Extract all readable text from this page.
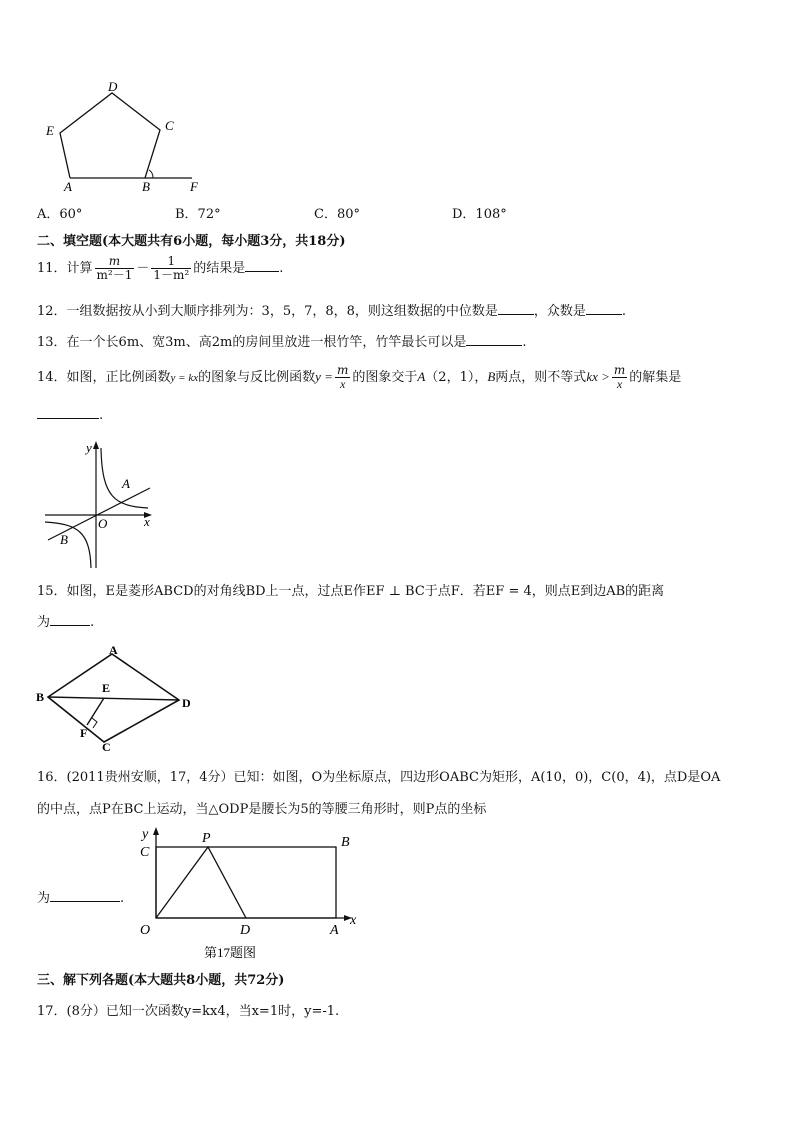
D
E	C
A	B	F
A．60°	B．72°	C．80°	D．108°
二、填空题(本大题共有6小题，每小题3分，共18分)
11．计算 $\frac{m}{\text{m²－1}} - \frac{1}{\text{1－m²}}$ 的结果是	.
12．一组数据按从小到大顺序排列为：3，5，7，8，8，则这组数据的中位数是	，众数是	.
13．在一个长6m、宽3m、高2m的房间里放进一根竹竿，竹竿最长可以是	.
14．如图，正比例函数y = kx的图象与反比例函数$y = \frac{m}{x}$ 的图象交于A（2，1），B两点，则不等式kx > $\frac{m}{x}$ 的解集是
.
y
A
O	x
B
15．如图，E是菱形ABCD的对角线BD上一点，过点E作EF ⊥ BC于点F．若EF = 4，则点E到边AB的距离
为	.
A
B
E
D
F
C
16．(2011贵州安顺，17，4分）已知：如图，O为坐标原点，四边形OABC为矩形，A(10，0)，C(0，4)，点D是OA
的中点，点P在BC上运动，当△ODP是腰长为5的等腰三角形时，则P点的坐标
为	.
y	P	B
C
O	D	A
x
第17题图
三、解下列各题(本大题共8小题，共72分)
17．(8分）已知一次函数y=kx4，当x=1时，y=-1.
